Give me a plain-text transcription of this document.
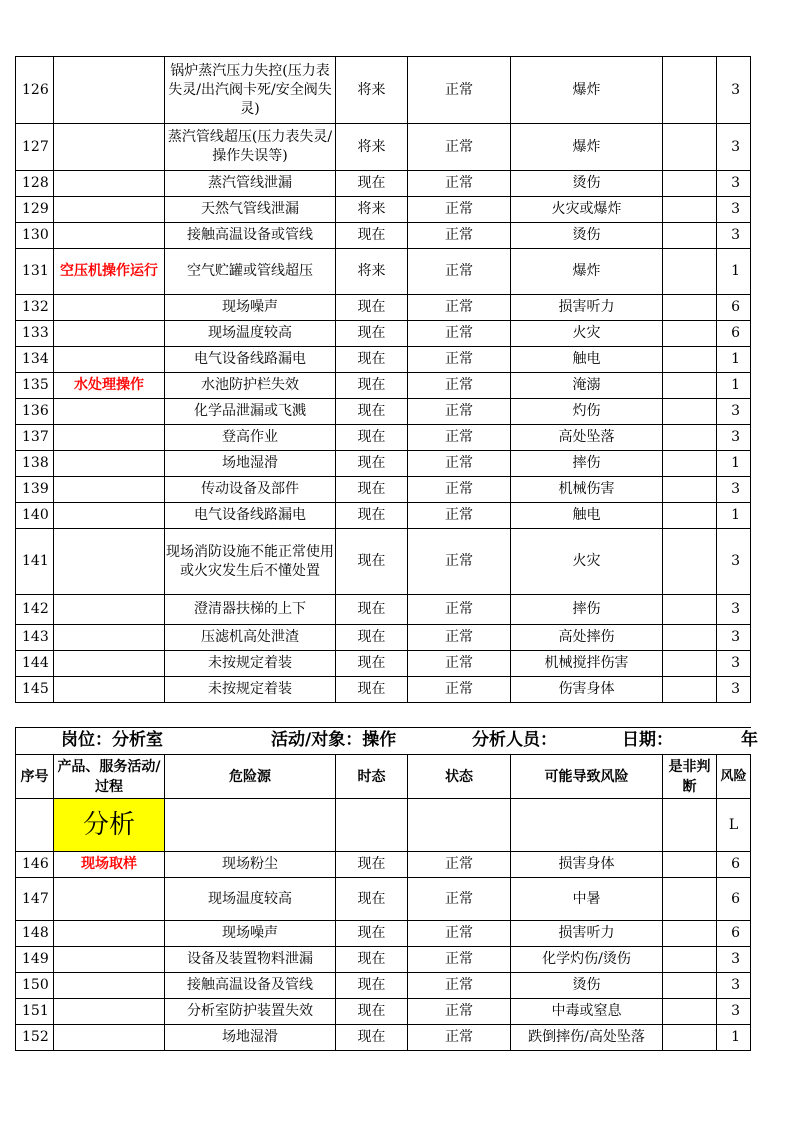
126		锅炉蒸汽压力失控(压力表失灵/出汽阀卡死/安全阀失灵)	将来	正常	爆炸		3
127		蒸汽管线超压(压力表失灵/操作失误等)	将来	正常	爆炸		3
128		蒸汽管线泄漏	现在	正常	烫伤		3
129		天然气管线泄漏	将来	正常	火灾或爆炸		3
130		接触高温设备或管线	现在	正常	烫伤		3
131	空压机操作运行	空气贮罐或管线超压	将来	正常	爆炸		1
132		现场噪声	现在	正常	损害听力		6
133		现场温度较高	现在	正常	火灾		6
134		电气设备线路漏电	现在	正常	触电		1
135	水处理操作	水池防护栏失效	现在	正常	淹溺		1
136		化学品泄漏或飞溅	现在	正常	灼伤		3
137		登高作业	现在	正常	高处坠落		3
138		场地湿滑	现在	正常	摔伤		1
139		传动设备及部件	现在	正常	机械伤害		3
140		电气设备线路漏电	现在	正常	触电		1
141		现场消防设施不能正常使用或火灾发生后不懂处置	现在	正常	火灾		3
142		澄清器扶梯的上下	现在	正常	摔伤		3
143		压滤机高处泄渣	现在	正常	高处摔伤		3
144		未按规定着装	现在	正常	机械搅拌伤害		3
145		未按规定着装	现在	正常	伤害身体		3
岗位：分析室 活动/对象：操作 分析人员： 日期： 年							

序号	产品、服务活动/过程	危险源	时态	状态	可能导致风险	是非判断	风险
	分析						L
146	现场取样	现场粉尘	现在	正常	损害身体		6
147		现场温度较高	现在	正常	中暑		6
148		现场噪声	现在	正常	损害听力		6
149		设备及装置物料泄漏	现在	正常	化学灼伤/烫伤		3
150		接触高温设备及管线	现在	正常	烫伤		3
151		分析室防护装置失效	现在	正常	中毒或窒息		3
152		场地湿滑	现在	正常	跌倒摔伤/高处坠落		1
